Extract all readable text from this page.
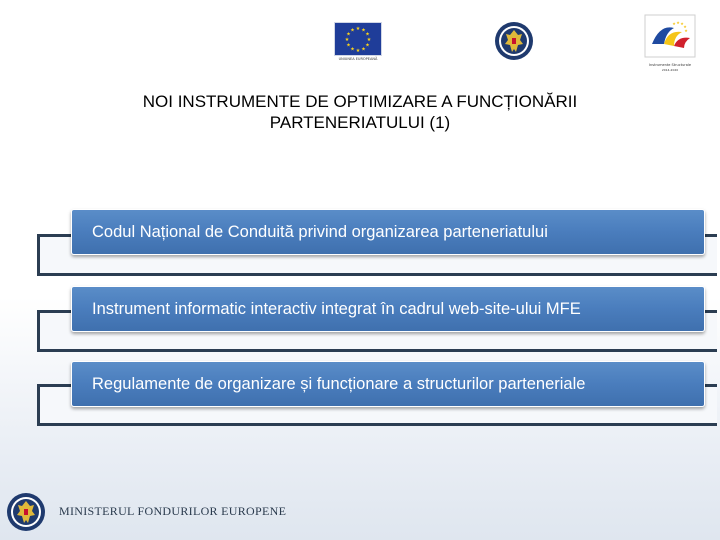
★ ★
★
★
★
★
★
★
★
★
★
★
UNIUNEA EUROPEANĂ
★ ★
★
★
★
Instrumente Structurale
2014-2020
NOI INSTRUMENTE DE OPTIMIZARE A FUNCȚIONĂRII
PARTENERIATULUI (1)
Codul Național de Conduită privind organizarea parteneriatului
Instrument informatic interactiv integrat în cadrul web-site-ului MFE
Regulamente de organizare și funcționare a structurilor parteneriale
MINISTERUL FONDURILOR EUROPENE
